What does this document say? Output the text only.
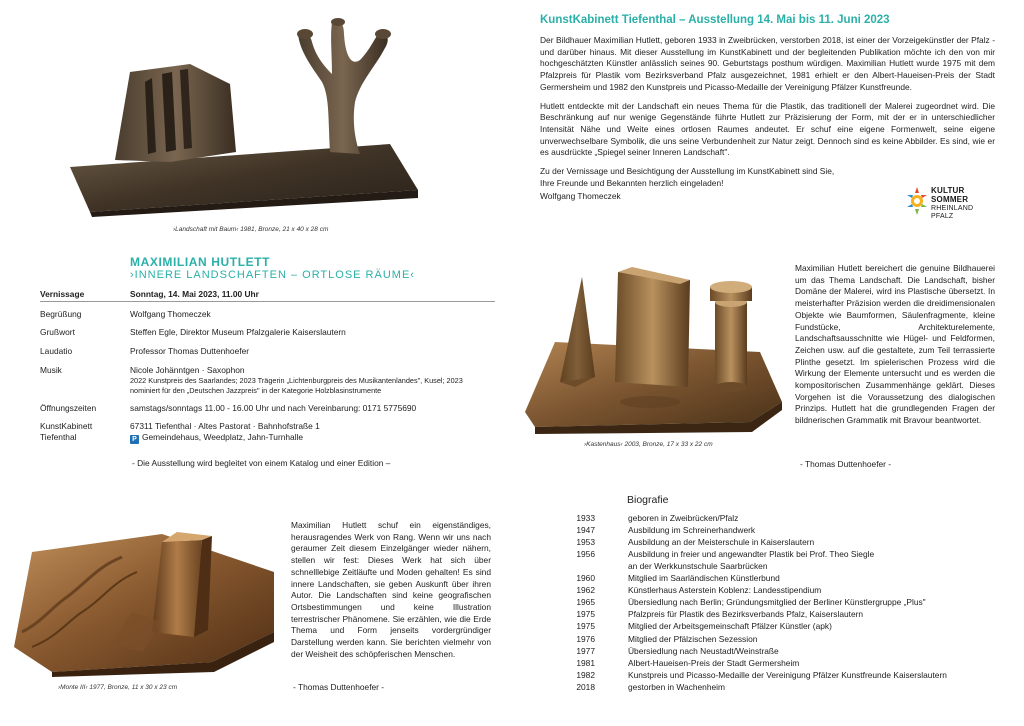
›Landschaft mit Baum‹ 1981, Bronze, 21 x 40 x 28 cm
KunstKabinett Tiefenthal – Ausstellung 14. Mai bis 11. Juni 2023

Der Bildhauer Maximilian Hutlett, geboren 1933 in Zweibrücken, verstorben 2018, ist einer der Vorzeigekünstler der Pfalz - und darüber hinaus. Mit dieser Ausstellung im KunstKabinett und der begleitenden Publikation möchte ich den von mir hochgeschätzten Künstler anlässlich seines 90. Geburtstags posthum würdigen. Maximilian Hutlett wurde 1975 mit dem Pfalzpreis für Plastik vom Bezirksverband Pfalz ausgezeichnet, 1981 erhielt er den Albert-Haueisen-Preis der Stadt Germersheim und 1982 den Kunstpreis und Picasso-Medaille der Vereinigung Pfälzer Kunstfreunde.

Hutlett entdeckte mit der Landschaft ein neues Thema für die Plastik, das traditionell der Malerei zugeordnet wird. Die Beschränkung auf nur wenige Gegenstände führte Hutlett zur Präzisierung der Form, mit der er in unterschiedlicher Intensität Nähe und Weite eines ortlosen Raumes andeutet. Er schuf eine eigene Formenwelt, seine eigene unverwechselbare Symbolik, die uns seine Verbundenheit zur Natur zeigt. Dennoch sind es keine Abbilder. Es sind, wie er es ausdrückte „Spiegel seiner Inneren Landschaft".

Zu der Vernissage und Besichtigung der Ausstellung im KunstKabinett sind Sie, Ihre Freunde und Bekannten herzlich eingeladen!

Wolfgang Thomeczek

KULTUR
SOMMER
RHEINLAND
PFALZ
MAXIMILIAN HUTLETT
›INNERE LANDSCHAFTEN – ORTLOSE RÄUME‹
Vernissage	Sonntag, 14. Mai 2023, 11.00 Uhr
Begrüßung	Wolfgang Thomeczek
Grußwort	Steffen Egle, Direktor Museum Pfalzgalerie Kaiserslautern
Laudatio	Professor Thomas Duttenhoefer
Musik	Nicole Johänntgen · Saxophon
2022 Kunstpreis des Saarlandes; 2023 Trägerin „Lichtenburgpreis des Musikantenlandes", Kusel; 2023 nominiert für den „Deutschen Jazzpreis" in der Kategorie Holzblasinstrumente
Öffnungszeiten	samstags/sonntags 11.00 - 16.00 Uhr und nach Vereinbarung: 0171 5775690
KunstKabinett
Tiefenthal
67311 Tiefenthal · Altes Pastorat · Bahnhofstraße 1
P Gemeindehaus, Weedplatz, Jahn-Turnhalle
- Die Ausstellung wird begleitet von einem Katalog und einer Edition –
›Kastenhaus‹ 2003, Bronze, 17 x 33 x 22 cm
Maximilian Hutlett bereichert die genuine Bildhauerei um das Thema Landschaft. Die Landschaft, bisher Domäne der Malerei, wird ins Plastische übersetzt. In meisterhafter Präzision werden die dreidimensionalen Objekte wie Baumformen, Säulenfragmente, kleine Fundstücke, Architekturelemente, Landschaftsausschnitte wie Hügel- und Feldformen, Zeichen usw. auf die gestaltete, zum Teil terrassierte Plinthe gesetzt. Im spielerischen Prozess wird die Wirkung der Elemente untersucht und es werden die kompositorischen Zusammenhänge geklärt. Dieses Vorgehen ist die Voraussetzung des dialogischen Prinzips. Hutlett hat die grundlegenden Fragen der bildnerischen Grammatik mit Bravour beantwortet.
- Thomas Duttenhoefer -
›Monte III‹ 1977, Bronze, 11 x 30 x 23 cm
Maximilian Hutlett schuf ein eigenständiges, herausragendes Werk von Rang. Wenn wir uns nach geraumer Zeit diesem Einzelgänger wieder nähern, stellen wir fest: Dieses Werk hat sich über schnelllebige Zeitläufte und Moden gehalten! Es sind innere Landschaften, sie geben Auskunft über ihren Autor. Die Landschaften sind keine geografischen Ortsbestimmungen und keine Illustration terrestrischer Phänomene. Sie erzählen, wie die Erde Thema und Form jenseits vordergründiger Darstellung werden kann. Sie berichten vielmehr von der Weisheit des schöpferischen Menschen.
- Thomas Duttenhoefer -
Biografie
1933	geboren in Zweibrücken/Pfalz
1947	Ausbildung im Schreinerhandwerk
1953	Ausbildung an der Meisterschule in Kaiserslautern
1956	Ausbildung in freier und angewandter Plastik bei Prof. Theo Siegle
an der Werkkunstschule Saarbrücken
1960	Mitglied im Saarländischen Künstlerbund
1962	Künstlerhaus Asterstein Koblenz: Landesstipendium
1965	Übersiedlung nach Berlin; Gründungsmitglied der Berliner Künstlergruppe „Plus"
1975	Pfalzpreis für Plastik des Bezirksverbands Pfalz, Kaiserslautern
1975	Mitglied der Arbeitsgemeinschaft Pfälzer Künstler (apk)
1976	Mitglied der Pfälzischen Sezession
1977	Übersiedlung nach Neustadt/Weinstraße
1981	Albert-Haueisen-Preis der Stadt Germersheim
1982	Kunstpreis und Picasso-Medaille der Vereinigung Pfälzer Kunstfreunde Kaiserslautern
2018	gestorben in Wachenheim
